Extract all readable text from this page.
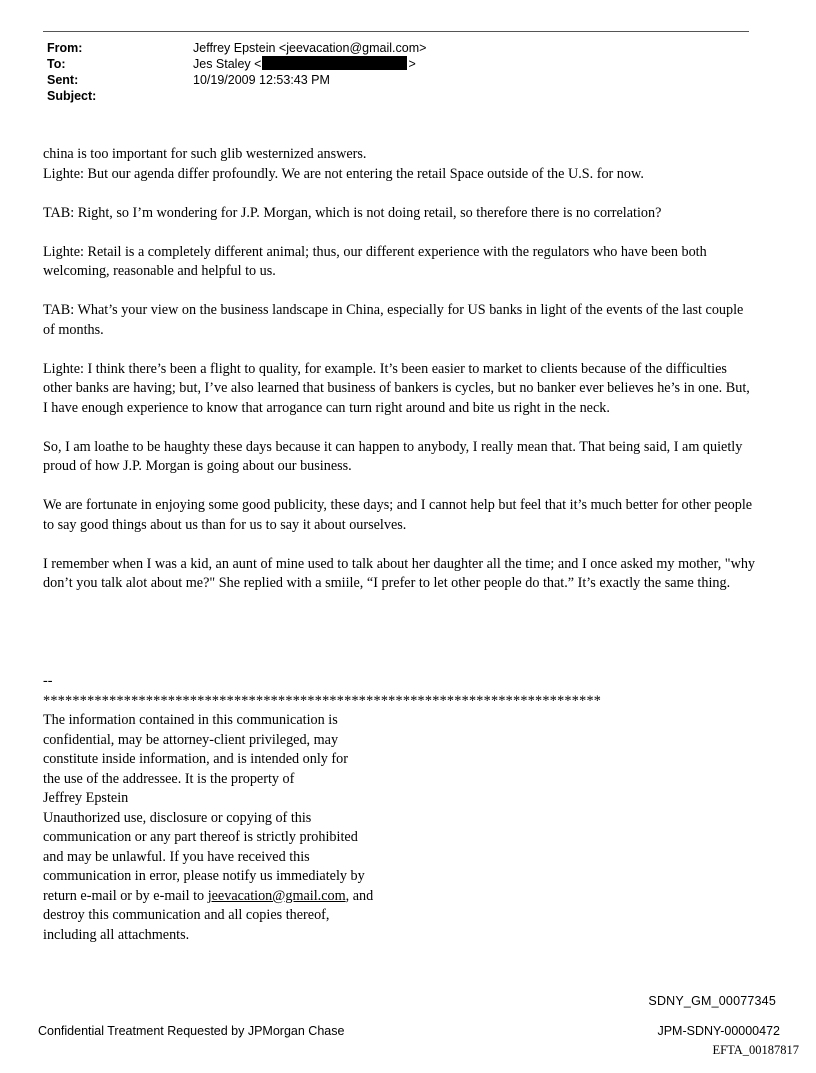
From:	Jeffrey Epstein <jeevacation@gmail.com>
To:	Jes Staley <	>
Sent:	10/19/2009 12:53:43 PM
Subject:

china is too important for such glib westernized answers.

Lighte: But our agenda differ profoundly. We are not entering the retail Space outside of the U.S. for now.

TAB: Right, so I’m wondering for J.P. Morgan, which is not doing retail, so therefore there is no correlation?

Lighte: Retail is a completely different animal; thus, our different experience with the regulators who have been both welcoming, reasonable and helpful to us.

TAB: What’s your view on the business landscape in China, especially for US banks in light of the events of the last couple of months.

Lighte: I think there’s been a flight to quality, for example. It’s been easier to market to clients because of the difficulties other banks are having; but, I’ve also learned that business of bankers is cycles, but no banker ever believes he’s in one. But, I have enough experience to know that arrogance can turn right around and bite us right in the neck.

So, I am loathe to be haughty these days because it can happen to anybody, I really mean that. That being said, I am quietly proud of how J.P. Morgan is going about our business.

We are fortunate in enjoying some good publicity, these days; and I cannot help but feel that it’s much better for other people to say good things about us than for us to say it about ourselves.

I remember when I was a kid, an aunt of mine used to talk about her daughter all the time; and I once asked my mother, "why don’t you talk alot about me?" She replied with a smiile, “I prefer to let other people do that.” It’s exactly the same thing.

--
****************************************************************************
The information contained in this communication is
confidential, may be attorney-client privileged, may
constitute inside information, and is intended only for
the use of the addressee. It is the property of
Jeffrey Epstein
Unauthorized use, disclosure or copying of this
communication or any part thereof is strictly prohibited
and may be unlawful. If you have received this
communication in error, please notify us immediately by
return e-mail or by e-mail to jeevacation@gmail.com, and
destroy this communication and all copies thereof,
including all attachments.
SDNY_GM_00077345
Confidential Treatment Requested by JPMorgan Chase	JPM-SDNY-00000472
EFTA_00187817
